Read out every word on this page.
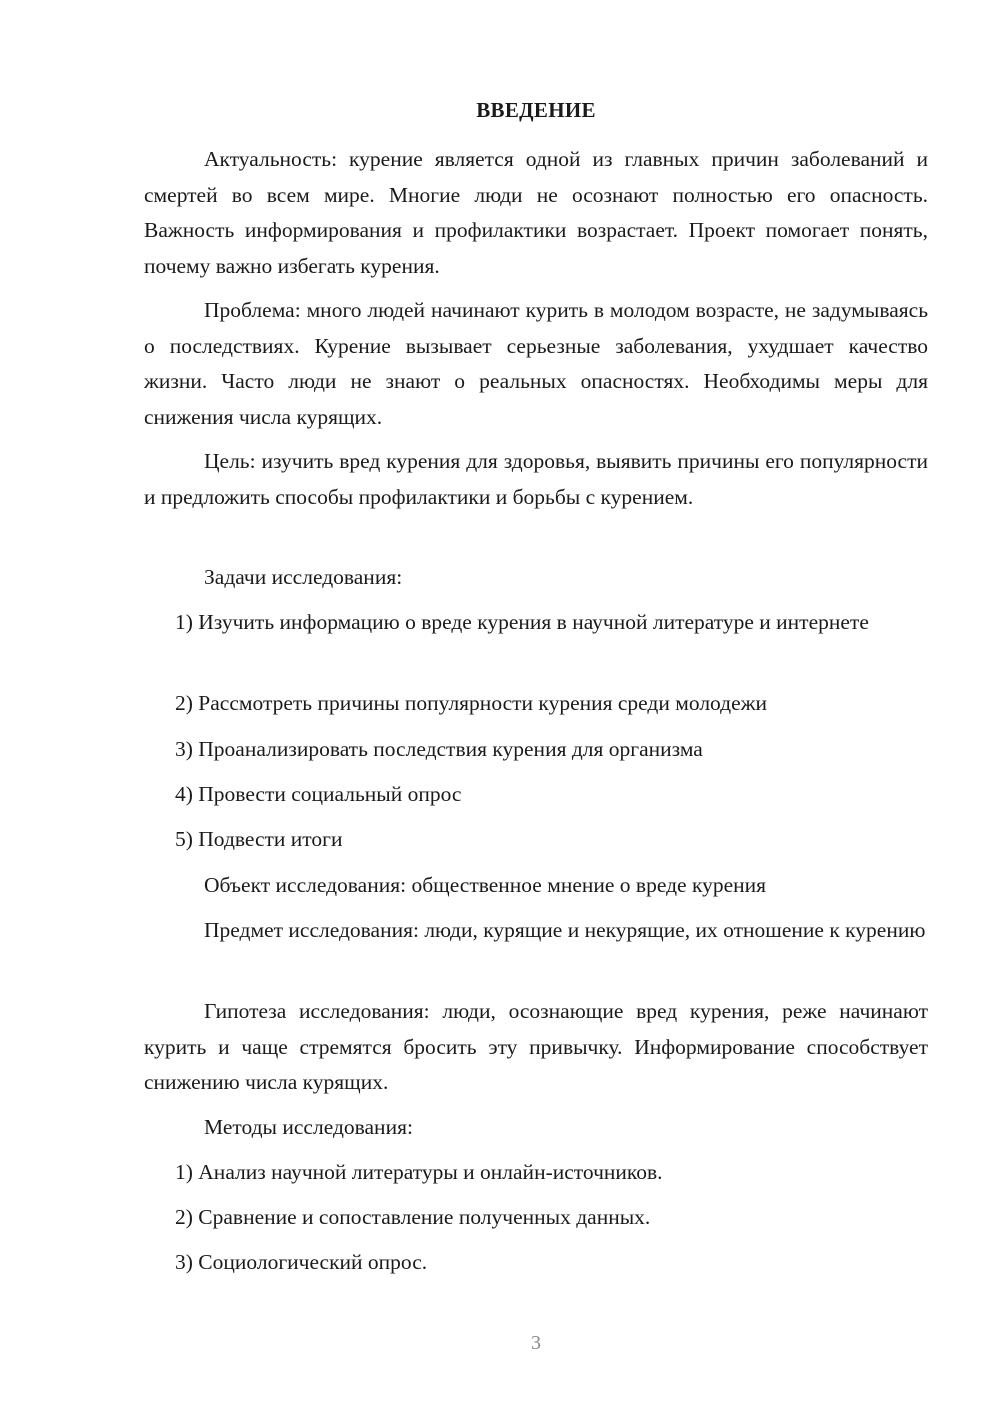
ВВЕДЕНИЕ
Актуальность: курение является одной из главных причин заболеваний и смертей во всем мире. Многие люди не осознают полностью его опасность. Важность информирования и профилактики возрастает. Проект помогает понять, почему важно избегать курения.
Проблема: много людей начинают курить в молодом возрасте, не задумываясь о последствиях. Курение вызывает серьезные заболевания, ухудшает качество жизни. Часто люди не знают о реальных опасностях. Необходимы меры для снижения числа курящих.
Цель: изучить вред курения для здоровья, выявить причины его популярности и предложить способы профилактики и борьбы с курением.
Задачи исследования:
1) Изучить информацию о вреде курения в научной литературе и интернете
2) Рассмотреть причины популярности курения среди молодежи
3) Проанализировать последствия курения для организма
4) Провести социальный опрос
5) Подвести итоги
Объект исследования: общественное мнение о вреде курения
Предмет исследования: люди, курящие и некурящие, их отношение к курению
Гипотеза исследования: люди, осознающие вред курения, реже начинают курить и чаще стремятся бросить эту привычку. Информирование способствует снижению числа курящих.
Методы исследования:
1) Анализ научной литературы и онлайн-источников.
2) Сравнение и сопоставление полученных данных.
3) Социологический опрос.
3
